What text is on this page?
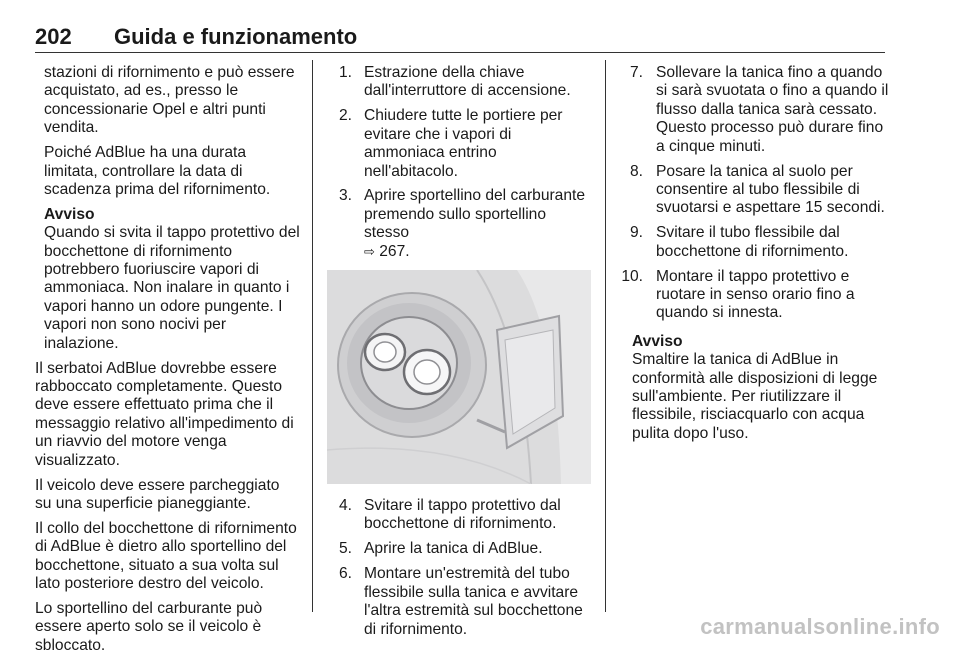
202 Guida e funzionamento

stazioni di rifornimento e può essere acquistato, ad es., presso le concessionarie Opel e altri punti vendita.

Poiché AdBlue ha una durata limitata, controllare la data di scadenza prima del rifornimento.

Avviso
Quando si svita il tappo protettivo del bocchettone di rifornimento potrebbero fuoriuscire vapori di ammoniaca. Non inalare in quanto i vapori hanno un odore pungente. I vapori non sono nocivi per inalazione.

Il serbatoi AdBlue dovrebbe essere rabboccato completamente. Questo deve essere effettuato prima che il messaggio relativo all'impedimento di un riavvio del motore venga visualizzato.

Il veicolo deve essere parcheggiato su una superficie pianeggiante.

Il collo del bocchettone di rifornimento di AdBlue è dietro allo sportellino del bocchettone, situato a sua volta sul lato posteriore destro del veicolo.

Lo sportellino del carburante può essere aperto solo se il veicolo è sbloccato.

1. Estrazione della chiave dall'interruttore di accensione.
2. Chiudere tutte le portiere per evitare che i vapori di ammoniaca entrino nell'abitacolo.
3. Aprire sportellino del carburante premendo sullo sportellino stesso
⇨ 267.
4. Svitare il tappo protettivo dal bocchettone di rifornimento.
5. Aprire la tanica di AdBlue.
6. Montare un'estremità del tubo flessibile sulla tanica e avvitare l'altra estremità sul bocchettone di rifornimento.
7. Sollevare la tanica fino a quando si sarà svuotata o fino a quando il flusso dalla tanica sarà cessato. Questo processo può durare fino a cinque minuti.
8. Posare la tanica al suolo per consentire al tubo flessibile di svuotarsi e aspettare 15 secondi.
9. Svitare il tubo flessibile dal bocchettone di rifornimento.
10. Montare il tappo protettivo e ruotare in senso orario fino a quando si innesta.
Avviso
Smaltire la tanica di AdBlue in conformità alle disposizioni di legge sull'ambiente. Per riutilizzare il flessibile, risciacquarlo con acqua pulita dopo l'uso.
carmanualsonline.info
